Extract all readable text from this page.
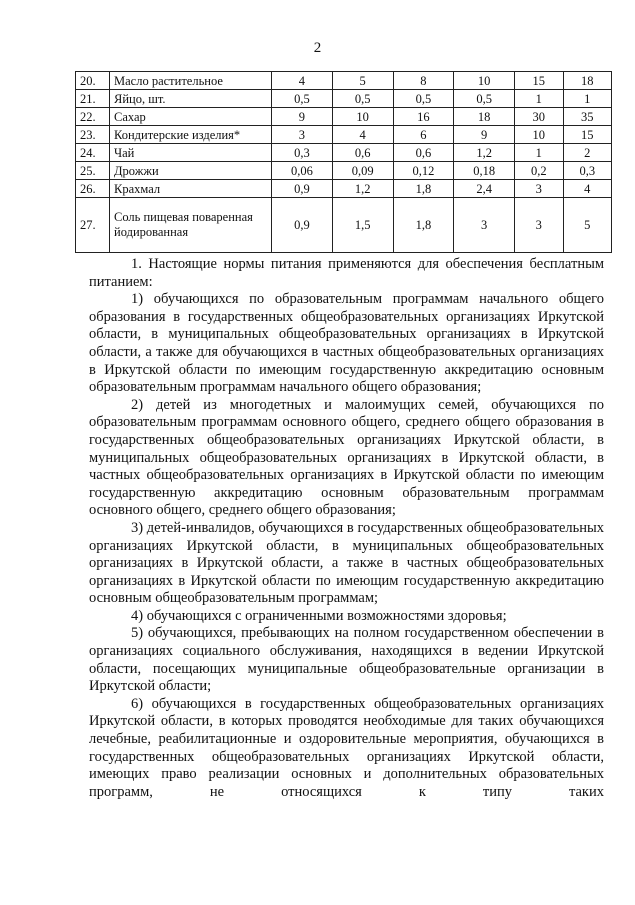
2
20.	Масло растительное	4	5	8	10	15	18
21.	Яйцо, шт.	0,5	0,5	0,5	0,5	1	1
22.	Сахар	9	10	16	18	30	35
23.	Кондитерские изделия*	3	4	6	9	10	15
24.	Чай	0,3	0,6	0,6	1,2	1	2
25.	Дрожжи	0,06	0,09	0,12	0,18	0,2	0,3
26.	Крахмал	0,9	1,2	1,8	2,4	3	4
27.	Соль пищевая поваренная йодированная	0,9	1,5	1,8	3	3	5

1. Настоящие нормы питания применяются для обеспечения бесплатным питанием:

1) обучающихся по образовательным программам начального общего образования в государственных общеобразовательных организациях Иркутской области, в муниципальных общеобразовательных организациях в Иркутской области, а также для обучающихся в частных общеобразовательных организациях в Иркутской области по имеющим государственную аккредитацию основным образовательным программам начального общего образования;

2) детей из многодетных и малоимущих семей, обучающихся по образовательным программам основного общего, среднего общего образования в государственных общеобразовательных организациях Иркутской области, в муниципальных общеобразовательных организациях в Иркутской области, в частных общеобразовательных организациях в Иркутской области по имеющим государственную аккредитацию основным образовательным программам основного общего, среднего общего образования;

3) детей-инвалидов, обучающихся в государственных общеобразовательных организациях Иркутской области, в муниципальных общеобразовательных организациях в Иркутской области, а также в частных общеобразовательных организациях в Иркутской области по имеющим государственную аккредитацию основным общеобразовательным программам;

4) обучающихся с ограниченными возможностями здоровья;

5) обучающихся, пребывающих на полном государственном обеспечении в организациях социального обслуживания, находящихся в ведении Иркутской области, посещающих муниципальные общеобразовательные организации в Иркутской области;

6) обучающихся в государственных общеобразовательных организациях Иркутской области, в которых проводятся необходимые для таких обучающихся лечебные, реабилитационные и оздоровительные мероприятия, обучающихся в государственных общеобразовательных организациях Иркутской области, имеющих право реализации основных и дополнительных образовательных программ, не относящихся к типу таких
